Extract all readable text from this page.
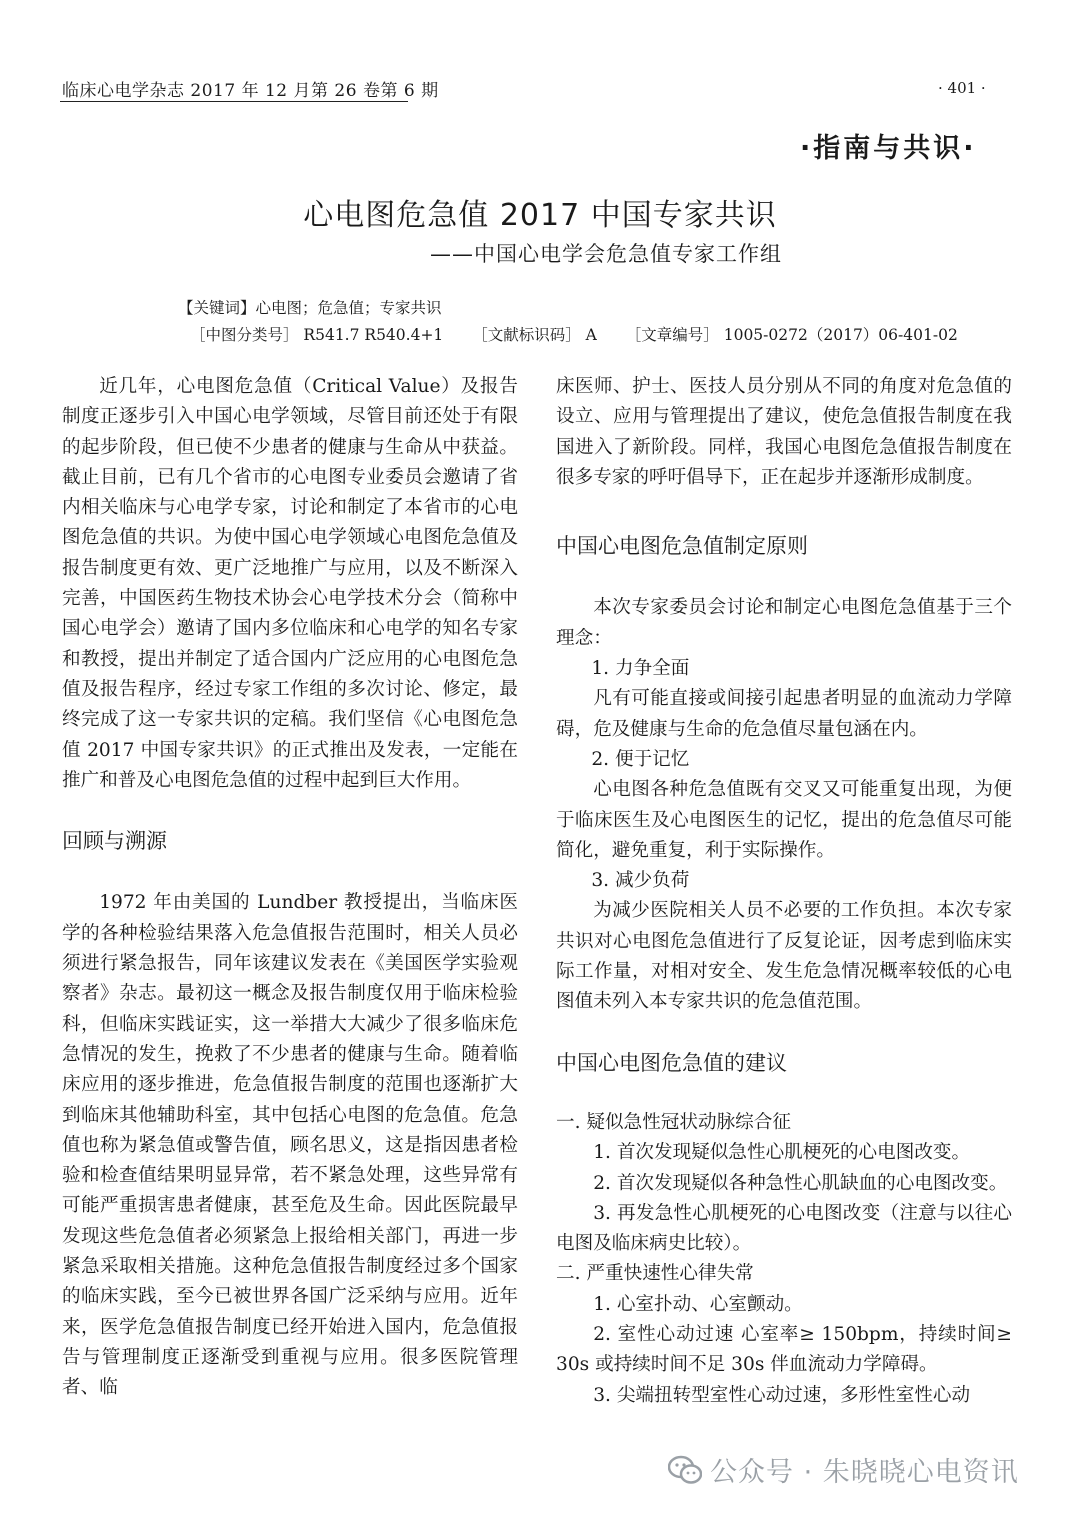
临床心电学杂志 2017 年 12 月第 26 卷第 6 期	· 401 ·
·指南与共识·
心电图危急值 2017 中国专家共识
——中国心电学会危急值专家工作组
【关键词】心电图；危急值；专家共识
［中图分类号］ R541.7 R540.4+1 ［文献标识码］ A ［文章编号］ 1005-0272（2017）06-401-02

近几年，心电图危急值（Critical Value）及报告制度正逐步引入中国心电学领域，尽管目前还处于有限的起步阶段，但已使不少患者的健康与生命从中获益。截止目前，已有几个省市的心电图专业委员会邀请了省内相关临床与心电学专家，讨论和制定了本省市的心电图危急值的共识。为使中国心电学领域心电图危急值及报告制度更有效、更广泛地推广与应用，以及不断深入完善，中国医药生物技术协会心电学技术分会（简称中国心电学会）邀请了国内多位临床和心电学的知名专家和教授，提出并制定了适合国内广泛应用的心电图危急值及报告程序，经过专家工作组的多次讨论、修定，最终完成了这一专家共识的定稿。我们坚信《心电图危急值 2017 中国专家共识》的正式推出及发表，一定能在推广和普及心电图危急值的过程中起到巨大作用。

回顾与溯源

1972 年由美国的 Lundber 教授提出，当临床医学的各种检验结果落入危急值报告范围时，相关人员必须进行紧急报告，同年该建议发表在《美国医学实验观察者》杂志。最初这一概念及报告制度仅用于临床检验科，但临床实践证实，这一举措大大减少了很多临床危急情况的发生，挽救了不少患者的健康与生命。随着临床应用的逐步推进，危急值报告制度的范围也逐渐扩大到临床其他辅助科室，其中包括心电图的危急值。危急值也称为紧急值或警告值，顾名思义，这是指因患者检验和检查值结果明显异常，若不紧急处理，这些异常有可能严重损害患者健康，甚至危及生命。因此医院最早发现这些危急值者必须紧急上报给相关部门，再进一步紧急采取相关措施。这种危急值报告制度经过多个国家的临床实践，至今已被世界各国广泛采纳与应用。近年来，医学危急值报告制度已经开始进入国内，危急值报告与管理制度正逐渐受到重视与应用。很多医院管理者、临

床医师、护士、医技人员分别从不同的角度对危急值的设立、应用与管理提出了建议，使危急值报告制度在我国进入了新阶段。同样，我国心电图危急值报告制度在很多专家的呼吁倡导下，正在起步并逐渐形成制度。

中国心电图危急值制定原则

本次专家委员会讨论和制定心电图危急值基于三个理念：

1. 力争全面

凡有可能直接或间接引起患者明显的血流动力学障碍，危及健康与生命的危急值尽量包涵在内。

2. 便于记忆

心电图各种危急值既有交叉又可能重复出现，为便于临床医生及心电图医生的记忆，提出的危急值尽可能简化，避免重复，利于实际操作。

3. 减少负荷

为减少医院相关人员不必要的工作负担。本次专家共识对心电图危急值进行了反复论证，因考虑到临床实际工作量，对相对安全、发生危急情况概率较低的心电图值未列入本专家共识的危急值范围。

中国心电图危急值的建议

一. 疑似急性冠状动脉综合征

1. 首次发现疑似急性心肌梗死的心电图改变。

2. 首次发现疑似各种急性心肌缺血的心电图改变。

3. 再发急性心肌梗死的心电图改变（注意与以往心电图及临床病史比较）。

二. 严重快速性心律失常

1. 心室扑动、心室颤动。

2. 室性心动过速 心室率≥ 150bpm，持续时间≥ 30s 或持续时间不足 30s 伴血流动力学障碍。

3. 尖端扭转型室性心动过速，多形性室性心动

公众号 · 朱晓晓心电资讯
